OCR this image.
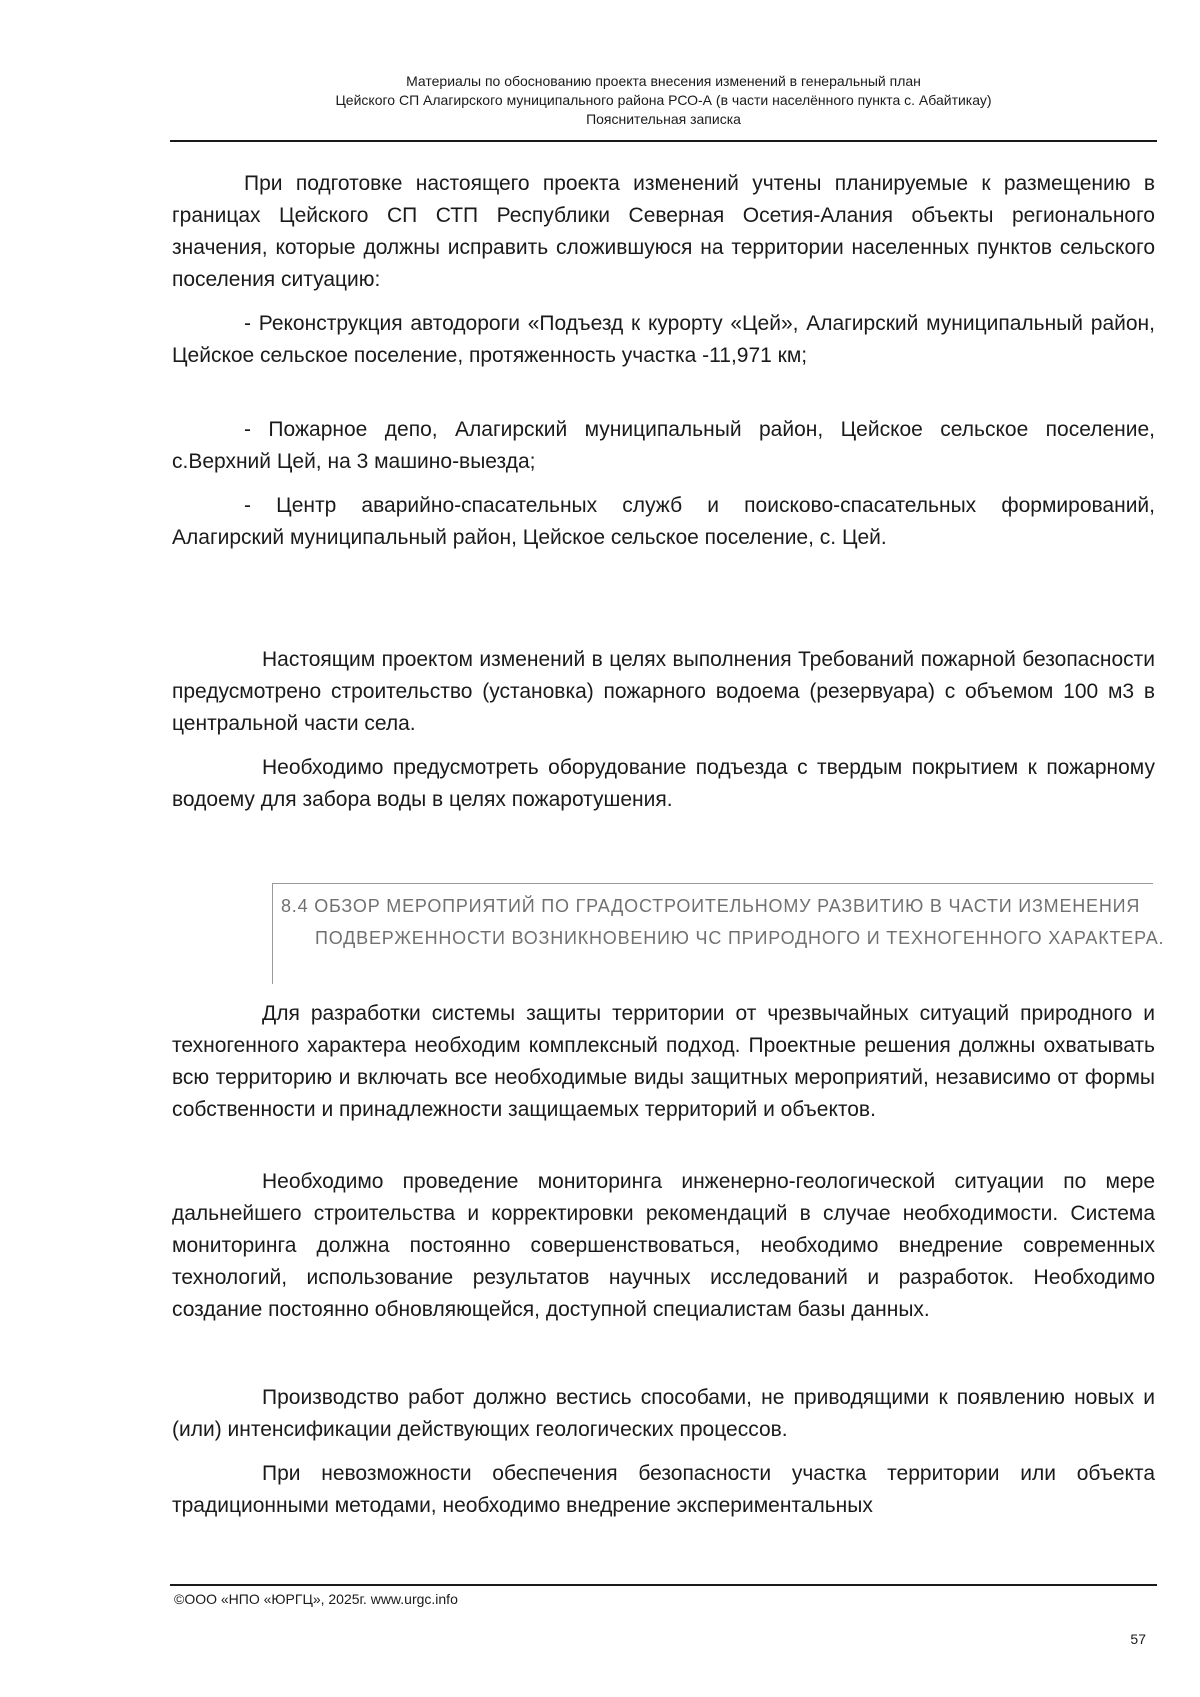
Материалы по обоснованию проекта внесения изменений в генеральный план
Цейского СП Алагирского муниципального района РСО-А (в части населённого пункта с. Абайтикау)
Пояснительная записка

При подготовке настоящего проекта изменений учтены планируемые к размещению в границах Цейского СП СТП Республики Северная Осетия-Алания объекты регионального значения, которые должны исправить сложившуюся на территории населенных пунктов сельского поселения ситуацию:

- Реконструкция автодороги «Подъезд к курорту «Цей», Алагирский муниципальный район, Цейское сельское поселение, протяженность участка -11,971 км;

- Пожарное депо, Алагирский муниципальный район, Цейское сельское поселение, с.Верхний Цей, на 3 машино-выезда;

- Центр аварийно-спасательных служб и поисково-спасательных формирований, Алагирский муниципальный район, Цейское сельское поселение, с. Цей.

Настоящим проектом изменений в целях выполнения Требований пожарной безопасности предусмотрено строительство (установка) пожарного водоема (резервуара) с объемом 100 м3 в центральной части села.

Необходимо предусмотреть оборудование подъезда с твердым покрытием к пожарному водоему для забора воды в целях пожаротушения.

8.4 ОБЗОР МЕРОПРИЯТИЙ ПО ГРАДОСТРОИТЕЛЬНОМУ РАЗВИТИЮ В ЧАСТИ ИЗМЕНЕНИЯ ПОДВЕРЖЕННОСТИ ВОЗНИКНОВЕНИЮ ЧС ПРИРОДНОГО И ТЕХНОГЕННОГО ХАРАКТЕРА.

Для разработки системы защиты территории от чрезвычайных ситуаций природного и техногенного характера необходим комплексный подход. Проектные решения должны охватывать всю территорию и включать все необходимые виды защитных мероприятий, независимо от формы собственности и принадлежности защищаемых территорий и объектов.

Необходимо проведение мониторинга инженерно-геологической ситуации по мере дальнейшего строительства и корректировки рекомендаций в случае необходимости. Система мониторинга должна постоянно совершенствоваться, необходимо внедрение современных технологий, использование результатов научных исследований и разработок. Необходимо создание постоянно обновляющейся, доступной специалистам базы данных.

Производство работ должно вестись способами, не приводящими к появлению новых и (или) интенсификации действующих геологических процессов.

При невозможности обеспечения безопасности участка территории или объекта традиционными методами, необходимо внедрение экспериментальных

©ООО «НПО «ЮРГЦ», 2025г. www.urgc.info
57
